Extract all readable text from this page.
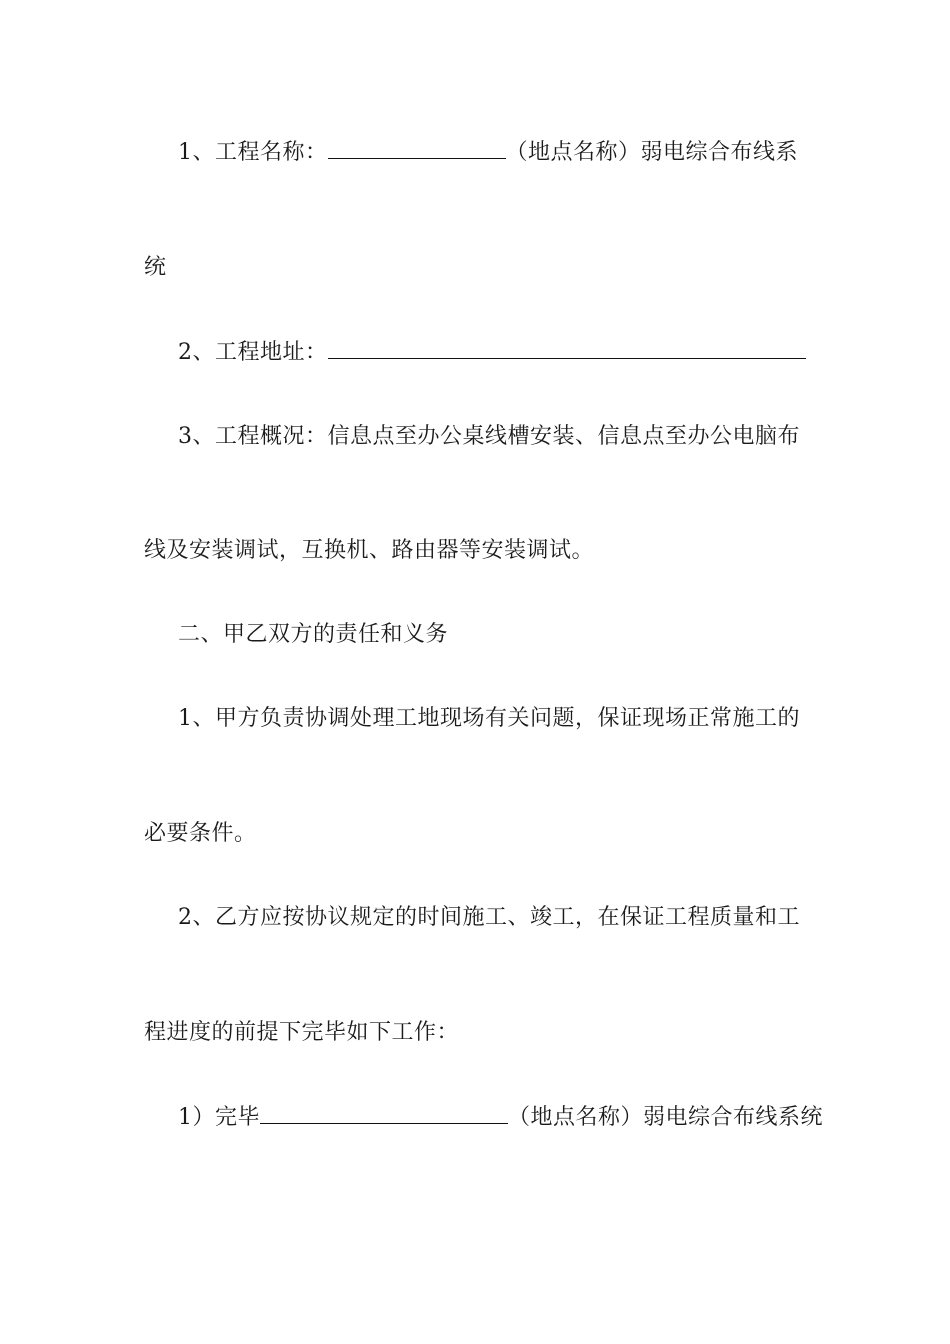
1、工程名称：	（地点名称）弱电综合布线系
统
2、工程地址：
3、工程概况：信息点至办公桌线槽安装、信息点至办公电脑布
线及安装调试，互换机、路由器等安装调试。
二、甲乙双方的责任和义务
1、甲方负责协调处理工地现场有关问题，保证现场正常施工的
必要条件。
2、乙方应按协议规定的时间施工、竣工，在保证工程质量和工
程进度的前提下完毕如下工作：
1）完毕	（地点名称）弱电综合布线系统
